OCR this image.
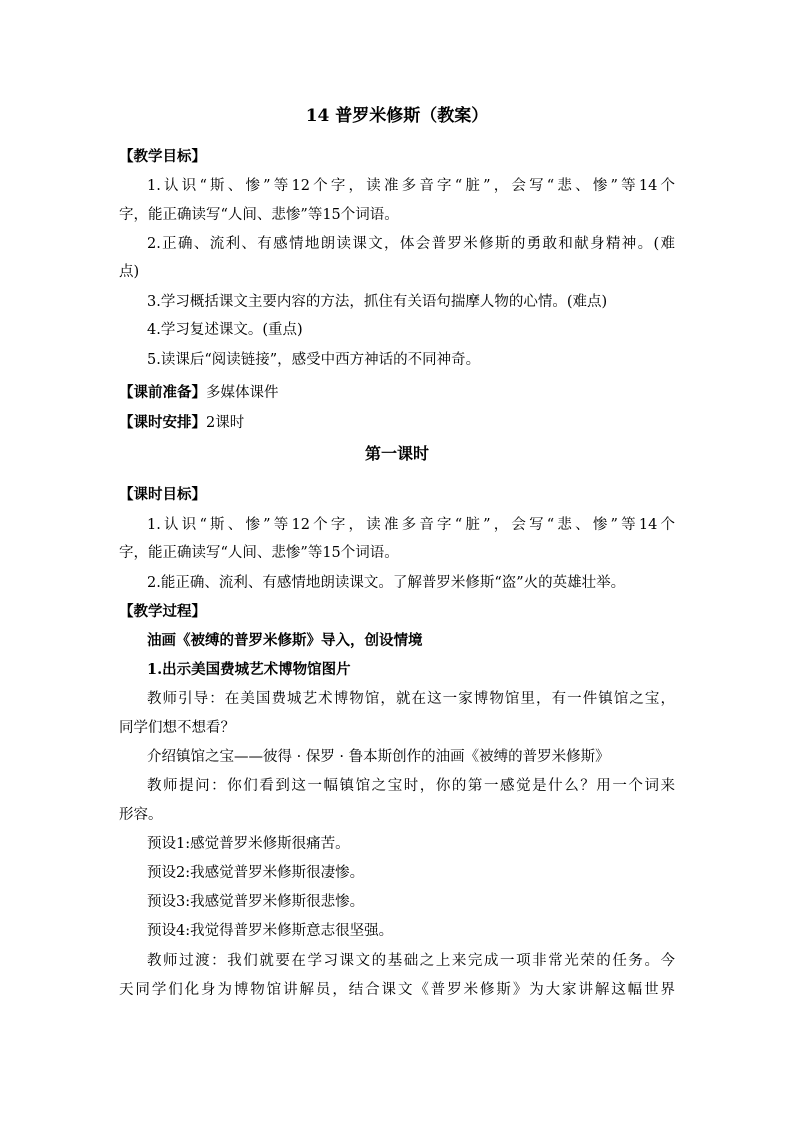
14 普罗米修斯（教案）
【教学目标】
1.认识“斯、惨”等12个字，读准多音字“脏”，会写“悲、惨”等14个
字，能正确读写“人间、悲惨”等15个词语。
2.正确、流利、有感情地朗读课文，体会普罗米修斯的勇敢和献身精神。(难
点)
3.学习概括课文主要内容的方法，抓住有关语句揣摩人物的心情。(难点)
4.学习复述课文。(重点)
5.读课后“阅读链接”，感受中西方神话的不同神奇。
【课前准备】多媒体课件
【课时安排】2课时
第一课时
【课时目标】
1.认识“斯、惨”等12个字，读准多音字“脏”，会写“悲、惨”等14个
字，能正确读写“人间、悲惨”等15个词语。
2.能正确、流利、有感情地朗读课文。了解普罗米修斯“盗”火的英雄壮举。
【教学过程】
油画《被缚的普罗米修斯》导入，创设情境
1.出示美国费城艺术博物馆图片
教师引导：在美国费城艺术博物馆，就在这一家博物馆里，有一件镇馆之宝，
同学们想不想看？
介绍镇馆之宝——彼得 · 保罗 · 鲁本斯创作的油画《被缚的普罗米修斯》
教师提问：你们看到这一幅镇馆之宝时，你的第一感觉是什么？用一个词来
形容。
预设1:感觉普罗米修斯很痛苦。
预设2:我感觉普罗米修斯很凄惨。
预设3:我感觉普罗米修斯很悲惨。
预设4:我觉得普罗米修斯意志很坚强。
教师过渡：我们就要在学习课文的基础之上来完成一项非常光荣的任务。今
天同学们化身为博物馆讲解员，结合课文《普罗米修斯》为大家讲解这幅世界
